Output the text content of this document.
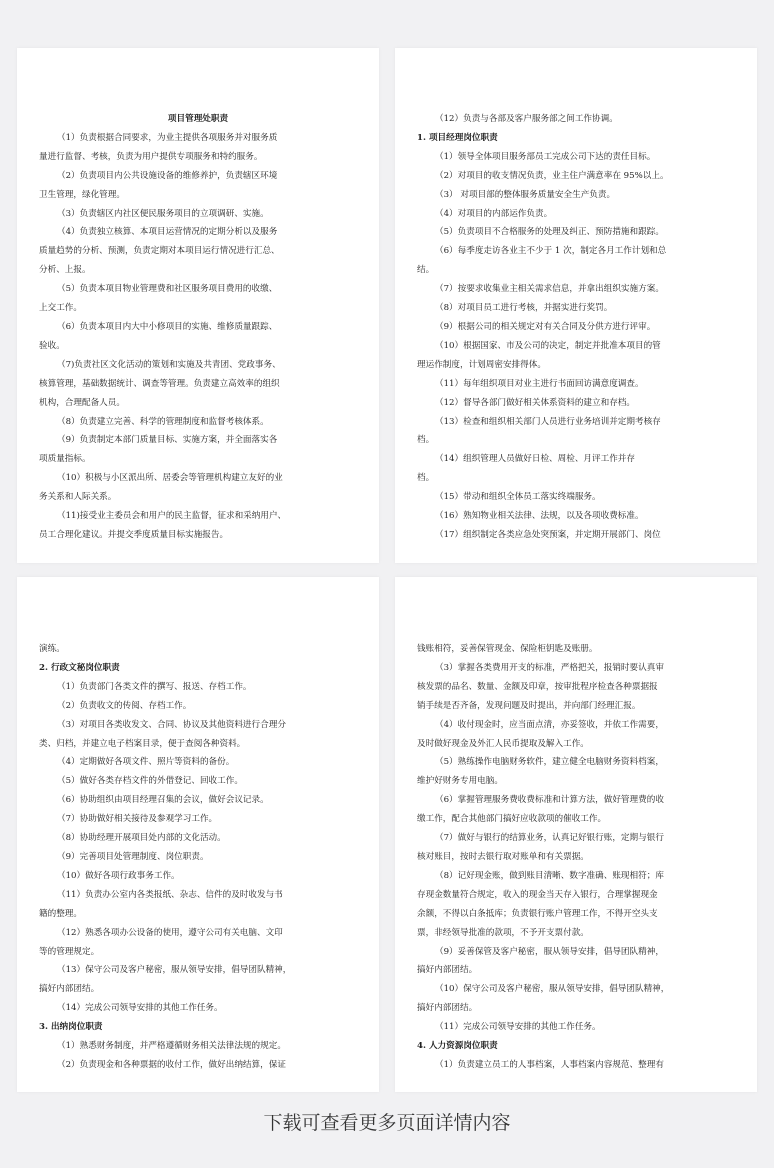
项目管理处职责
（1）负责根据合同要求，为业主提供各项服务并对服务质
量进行监督、考核，负责为用户提供专项服务和特约服务。
（2）负责项目内公共设施设备的维修养护，负责辖区环境
卫生管理，绿化管理。
（3）负责辖区内社区便民服务项目的立项调研、实施。
（4）负责独立核算、本项目运营情况的定期分析以及服务
质量趋势的分析、预测，负责定期对本项目运行情况进行汇总、
分析、上报。
（5）负责本项目物业管理费和社区服务项目费用的收缴、
上交工作。
（6）负责本项目内大中小修项目的实施、维修质量跟踪、
验收。
（7)负责社区文化活动的策划和实施及共青团、党政事务、
核算管理，基础数据统计、调查等管理。负责建立高效率的组织
机构，合理配备人员。
（8）负责建立完善、科学的管理制度和监督考核体系。
（9）负责制定本部门质量目标、实施方案，并全面落实各
项质量指标。
（10）积极与小区派出所、居委会等管理机构建立友好的业
务关系和人际关系。
（11)接受业主委员会和用户的民主监督，征求和采纳用户、
员工合理化建议。并提交季度质量目标实施报告。
（12）负责与各部及客户服务部之间工作协调。
1. 项目经理岗位职责
（1）领导全体项目服务部员工完成公司下达的责任目标。
（2）对项目的收支情况负责，业主住户满意率在 95%以上。
（3） 对项目部的整体服务质量安全生产负责。
（4）对项目的内部运作负责。
（5）负责项目不合格服务的处理及纠正、预防措施和跟踪。
（6）每季度走访各业主不少于 1 次，制定各月工作计划和总
结。
（7）按要求收集业主相关需求信息，并拿出组织实施方案。
（8）对项目员工进行考核，并据实进行奖罚。
（9）根据公司的相关规定对有关合同及分供方进行评审。
（10）根据国家、市及公司的决定，制定并批准本项目的管
理运作制度，计划周密安排得体。
（11）每年组织项目对业主进行书面回访满意度调查。
（12）督导各部门做好相关体系资料的建立和存档。
（13）检查和组织相关部门人员进行业务培训并定期考核存
档。
（14）组织管理人员做好日检、周检、月评工作并存
档。
（15）带动和组织全体员工落实终端服务。
（16）熟知物业相关法律、法规，以及各项收费标准。
（17）组织制定各类应急处突预案，并定期开展部门、岗位
演练。
2. 行政文秘岗位职责
（1）负责部门各类文件的撰写、报送、存档工作。
（2）负责收文的传阅、存档工作。
（3）对项目各类收发文、合同、协议及其他资料进行合理分
类、归档，并建立电子档案目录，便于查阅各种资料。
（4）定期做好各项文件、照片等资料的备份。
（5）做好各类存档文件的外借登记、回收工作。
（6）协助组织由项目经理召集的会议，做好会议记录。
（7）协助做好相关接待及参观学习工作。
（8）协助经理开展项目处内部的文化活动。
（9）完善项目处管理制度、岗位职责。
（10）做好各项行政事务工作。
（11）负责办公室内各类报纸、杂志、信件的及时收发与书
籍的整理。
（12）熟悉各项办公设备的使用，遵守公司有关电脑、文印
等的管理规定。
（13）保守公司及客户秘密，服从领导安排，倡导团队精神，
搞好内部团结。
（14）完成公司领导安排的其他工作任务。
3. 出纳岗位职责
（1）熟悉财务制度，并严格遵循财务相关法律法规的规定。
（2）负责现金和各种票据的收付工作，做好出纳结算，保证
钱账相符，妥善保管现金、保险柜钥匙及账册。
（3）掌握各类费用开支的标准，严格把关，报销时要认真审
核发票的品名、数量、金额及印章，按审批程序检查各种票据报
销手续是否齐备，发现问题及时提出，并向部门经理汇报。
（4）收付现金时，应当面点清，亦妥签收，并依工作需要，
及时做好现金及外汇人民币提取及解入工作。
（5）熟练操作电脑财务软件，建立健全电脑财务资料档案，
维护好财务专用电脑。
（6）掌握管理服务费收费标准和计算方法，做好管理费的收
缴工作，配合其他部门搞好应收款项的催收工作。
（7）做好与银行的结算业务，认真记好银行账，定期与银行
核对账目，按时去银行取对账单和有关票据。
（8）记好现金账，做到账目清晰、数字准确、账现相符；库
存现金数量符合规定，收入的现金当天存入银行，合理掌握现金
余额，不得以白条抵库；负责银行账户管理工作，不得开空头支
票，非经领导批准的款项，不予开支票付款。
（9）妥善保管及客户秘密，服从领导安排，倡导团队精神，
搞好内部团结。
（10）保守公司及客户秘密，服从领导安排，倡导团队精神，
搞好内部团结。
（11）完成公司领导安排的其他工作任务。
4. 人力资源岗位职责
（1）负责建立员工的人事档案，人事档案内容规范、整理有
下载可查看更多页面详情内容
